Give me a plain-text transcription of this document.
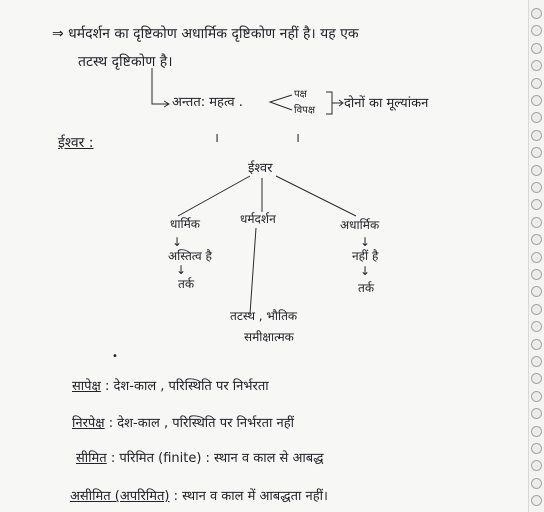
⇒ धर्मदर्शन का दृष्टिकोण अधार्मिक दृष्टिकोण नहीं है। यह एक
तटस्थ दृष्टिकोण है।
अन्तत: महत्व .
पक्ष
विपक्ष दोनों का मूल्यांकन
ईश्वर :	।	।
ईश्वर
धार्मिक
↓
अस्तित्व है
↓
तर्क
धर्मदर्शन	अधार्मिक
↓
नहीं है
↓
तर्क
तटस्थ , भौतिक
समीक्षात्मक
•
सापेक्ष : देश-काल , परिस्थिति पर निर्भरता
निरपेक्ष : देश-काल , परिस्थिति पर निर्भरता नहीं
सीमित : परिमित (finite) : स्थान व काल से आबद्ध
असीमित (अपरिमित) : स्थान व काल में आबद्धता नहीं।
